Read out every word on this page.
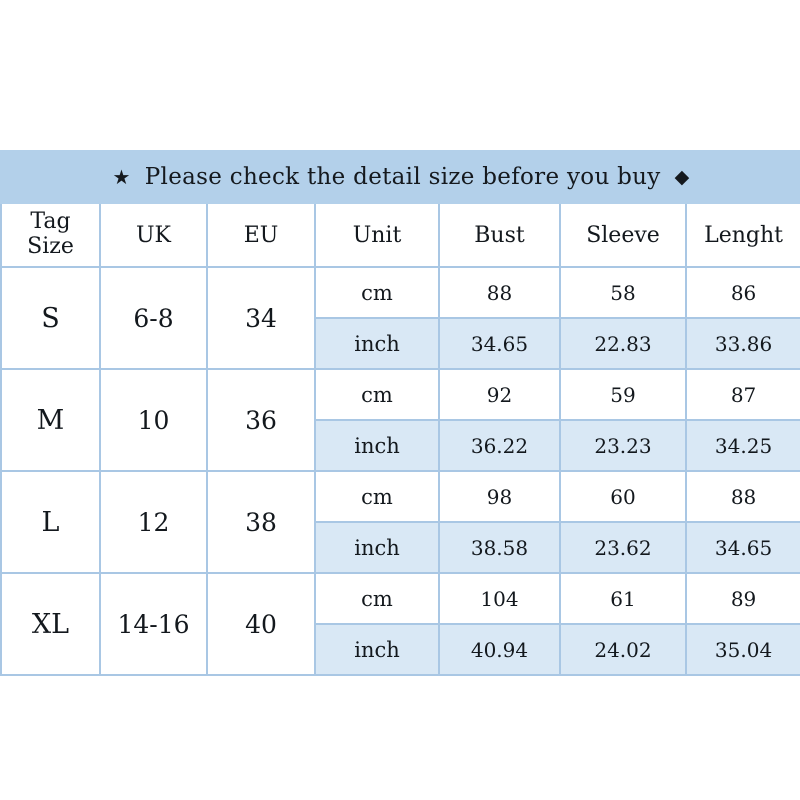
★ Please check the detail size before you buy ◆						

Tag
Size	UK	EU	Unit	Bust	Sleeve	Lenght
S	6-8	34	cm	88	58	86
			inch	34.65	22.83	33.86
M	10	36	cm	92	59	87
			inch	36.22	23.23	34.25
L	12	38	cm	98	60	88
			inch	38.58	23.62	34.65
XL	14-16	40	cm	104	61	89
			inch	40.94	24.02	35.04
